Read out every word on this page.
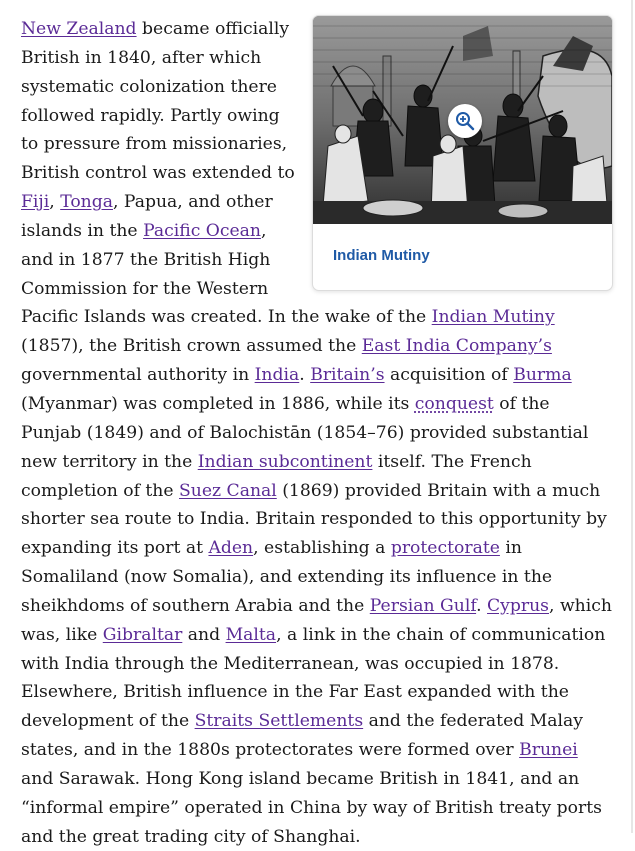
Indian Mutiny

New Zealand became officially British in 1840, after which systematic colonization there followed rapidly. Partly owing to pressure from missionaries, British control was extended to Fiji, Tonga, Papua, and other islands in the Pacific Ocean, and in 1877 the British High Commission for the Western Pacific Islands was created. In the wake of the Indian Mutiny (1857), the British crown assumed the East India Company’s governmental authority in India. Britain’s acquisition of Burma (Myanmar) was completed in 1886, while its conquest of the Punjab (1849) and of Balochistān (1854–76) provided substantial new territory in the Indian subcontinent itself. The French completion of the Suez Canal (1869) provided Britain with a much shorter sea route to India. Britain responded to this opportunity by expanding its port at Aden, establishing a protectorate in Somaliland (now Somalia), and extending its influence in the sheikhdoms of southern Arabia and the Persian Gulf. Cyprus, which was, like Gibraltar and Malta, a link in the chain of communication with India through the Mediterranean, was occupied in 1878. Elsewhere, British influence in the Far East expanded with the development of the Straits Settlements and the federated Malay states, and in the 1880s protectorates were formed over Brunei and Sarawak. Hong Kong island became British in 1841, and an “informal empire” operated in China by way of British treaty ports and the great trading city of Shanghai.
